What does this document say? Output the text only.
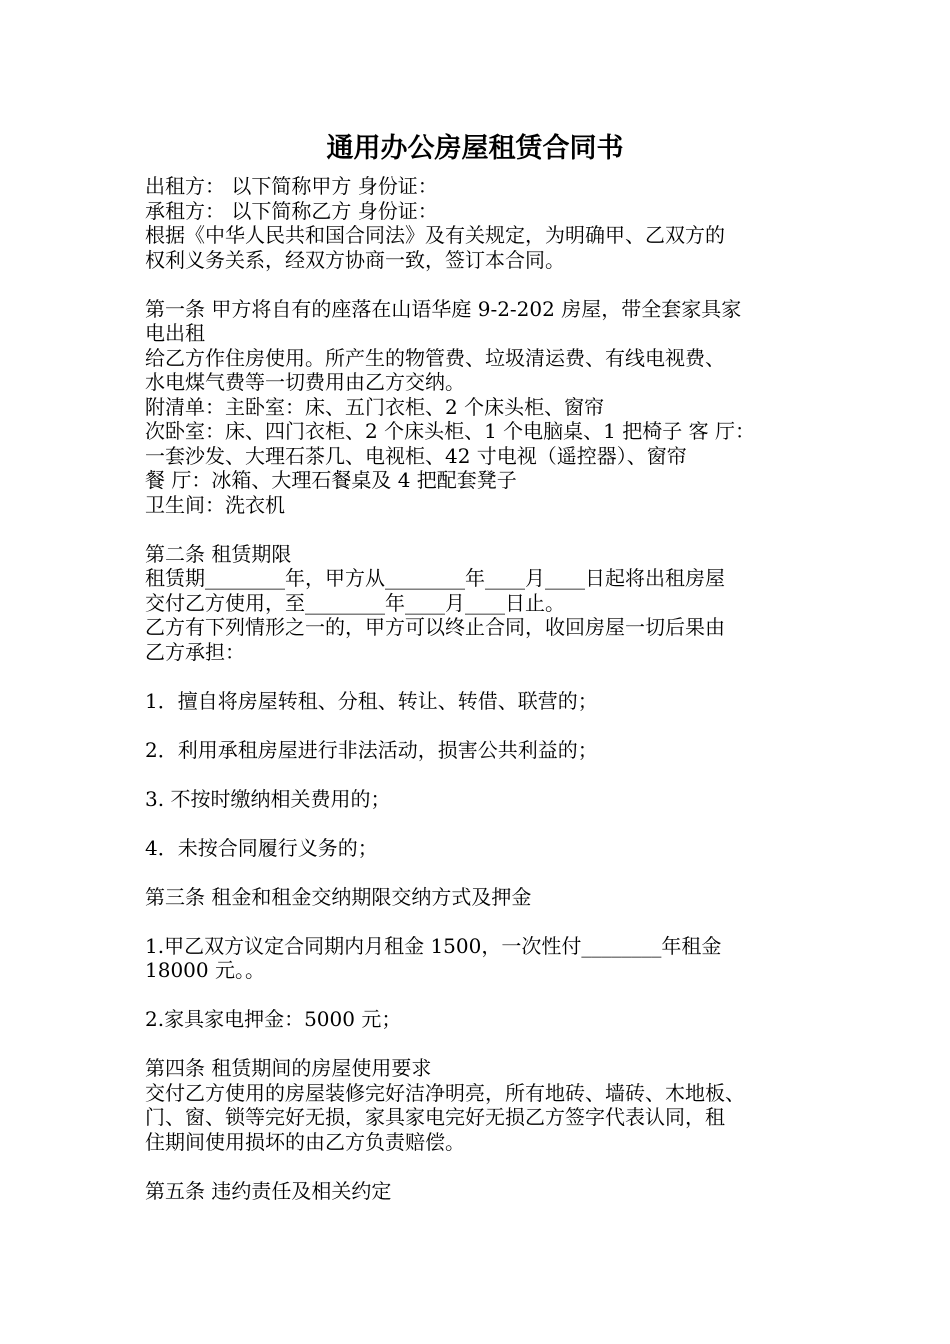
通用办公房屋租赁合同书
出租方： 以下简称甲方 身份证：
承租方： 以下简称乙方 身份证：
根据《中华人民共和国合同法》及有关规定，为明确甲、乙双方的
权利义务关系，经双方协商一致，签订本合同。
第一条 甲方将自有的座落在山语华庭 9-2-202 房屋，带全套家具家
电出租
给乙方作住房使用。所产生的物管费、垃圾清运费、有线电视费、
水电煤气费等一切费用由乙方交纳。
附清单：主卧室：床、五门衣柜、2 个床头柜、窗帘
次卧室：床、四门衣柜、2 个床头柜、1 个电脑桌、1 把椅子 客 厅：
一套沙发、大理石茶几、电视柜、42 寸电视（遥控器）、窗帘
餐 厅：冰箱、大理石餐桌及 4 把配套凳子
卫生间：洗衣机
第二条 租赁期限
租赁期________年，甲方从________年____月____日起将出租房屋
交付乙方使用，至________年____月____日止。
乙方有下列情形之一的，甲方可以终止合同，收回房屋一切后果由
乙方承担：
1．擅自将房屋转租、分租、转让、转借、联营的；
2．利用承租房屋进行非法活动，损害公共利益的；
3. 不按时缴纳相关费用的；
4．未按合同履行义务的；
第三条 租金和租金交纳期限交纳方式及押金
1.甲乙双方议定合同期内月租金 1500，一次性付________年租金
18000 元。。
2.家具家电押金：5000 元；
第四条 租赁期间的房屋使用要求
交付乙方使用的房屋装修完好洁净明亮，所有地砖、墙砖、木地板、
门、窗、锁等完好无损，家具家电完好无损乙方签字代表认同，租
住期间使用损坏的由乙方负责赔偿。
第五条 违约责任及相关约定
